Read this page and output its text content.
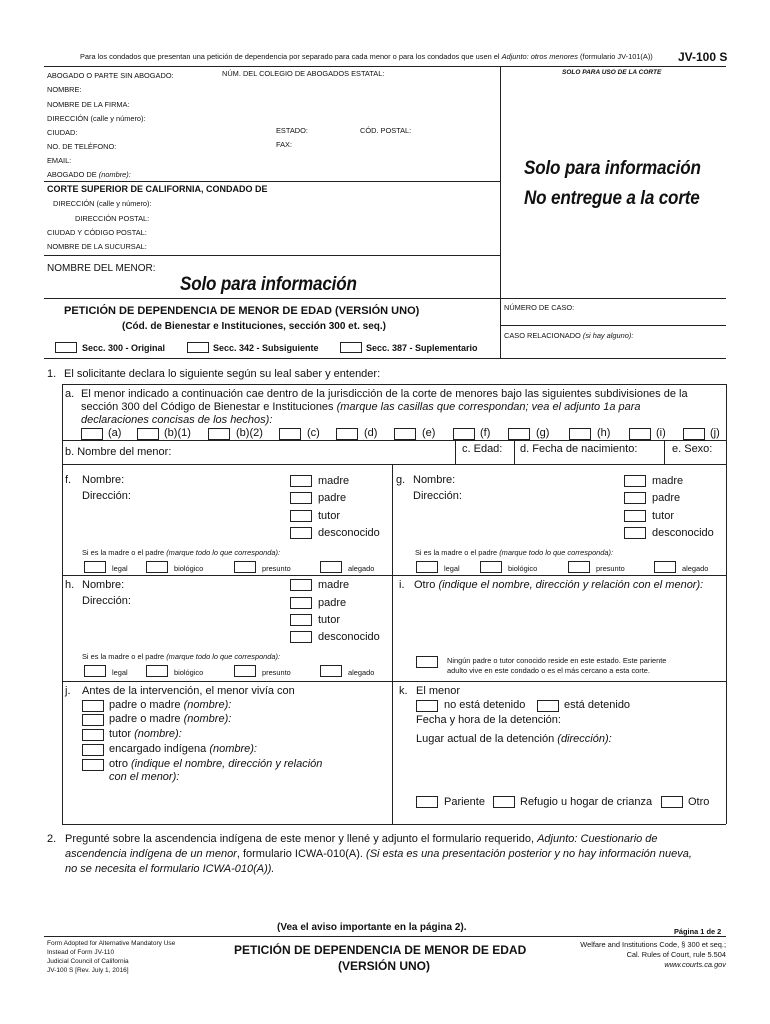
Para los condados que presentan una petición de dependencia por separado para cada menor o para los condados que usen el Adjunto: otros menores (formulario JV-101(A)) JV-100 S
ABOGADO O PARTE SIN ABOGADO:	NÚM. DEL COLEGIO DE ABOGADOS ESTATAL:	SOLO PARA USO DE LA CORTE
NOMBRE:
NOMBRE DE LA FIRMA:
DIRECCIÓN (calle y número):
CIUDAD:	ESTADO:	CÓD. POSTAL:
NO. DE TELÉFONO:	FAX:
EMAIL:
ABOGADO DE (nombre):	Solo para información
No entregue a la corte
CORTE SUPERIOR DE CALIFORNIA, CONDADO DE
DIRECCIÓN (calle y número):
DIRECCIÓN POSTAL:
CIUDAD Y CÓDIGO POSTAL:
NOMBRE DE LA SUCURSAL:
NOMBRE DEL MENOR:
Solo para información
PETICIÓN DE DEPENDENCIA DE MENOR DE EDAD (VERSIÓN UNO)
(Cód. de Bienestar e Instituciones, sección 300 et. seq.)
NÚMERO DE CASO:
CASO RELACIONADO (si hay alguno):
Secc. 300 - Original	Secc. 342 - Subsiguiente	Secc. 387 - Suplementario
1. El solicitante declara lo siguiente según su leal saber y entender:
a. El menor indicado a continuación cae dentro de la jurisdicción de la corte de menores bajo las siguientes subdivisiones de la
sección 300 del Código de Bienestar e Instituciones (marque las casillas que correspondan; vea el adjunto 1a para
declaraciones concisas de los hechos):
(a)	(b)(1)	(b)(2)	(c)	(d)	(e)	(f)	(g)	(h)	(i)	(j)
b. Nombre del menor:	c. Edad: d. Fecha de nacimiento:	e. Sexo:
f. Nombre:
Dirección:
madre
padre
tutor
desconocido
Si es la madre o el padre (marque todo lo que corresponda):
legal	biológico	presunto	alegado
g. Nombre:
Dirección:
madre
padre
tutor
desconocido
Si es la madre o el padre (marque todo lo que corresponda):
legal	biológico	presunto	alegado
h. Nombre:
Dirección:
madre
padre
tutor
desconocido
Si es la madre o el padre (marque todo lo que corresponda):
legal	biológico	presunto	alegado
i. Otro (indique el nombre, dirección y relación con el menor):
Ningún padre o tutor conocido reside en este estado. Este pariente
adulto vive en este condado o es el más cercano a esta corte.
j. Antes de la intervención, el menor vivía con
padre o madre (nombre):
padre o madre (nombre):
tutor (nombre):
encargado indígena (nombre):
otro (indique el nombre, dirección y relación
con el menor):
k. El menor
no está detenido	está detenido
Fecha y hora de la detención:
Lugar actual de la detención (dirección):
Pariente	Refugio u hogar de crianza	Otro
2. Pregunté sobre la ascendencia indígena de este menor y llené y adjunto el formulario requerido, Adjunto: Cuestionario de
ascendencia indígena de un menor, formulario ICWA-010(A). (Si esta es una presentación posterior y no hay información nueva,
no se necesita el formulario ICWA-010(A)).
(Vea el aviso importante en la página 2).	Página 1 de 2
Form Adopted for Alternative Mandatory Use
Instead of Form JV-110
Judicial Council of California
JV-100 S [Rev. July 1, 2016]
PETICIÓN DE DEPENDENCIA DE MENOR DE EDAD
(VERSIÓN UNO)
Welfare and Institutions Code, § 300 et seq.;
Cal. Rules of Court, rule 5.504
www.courts.ca.gov
